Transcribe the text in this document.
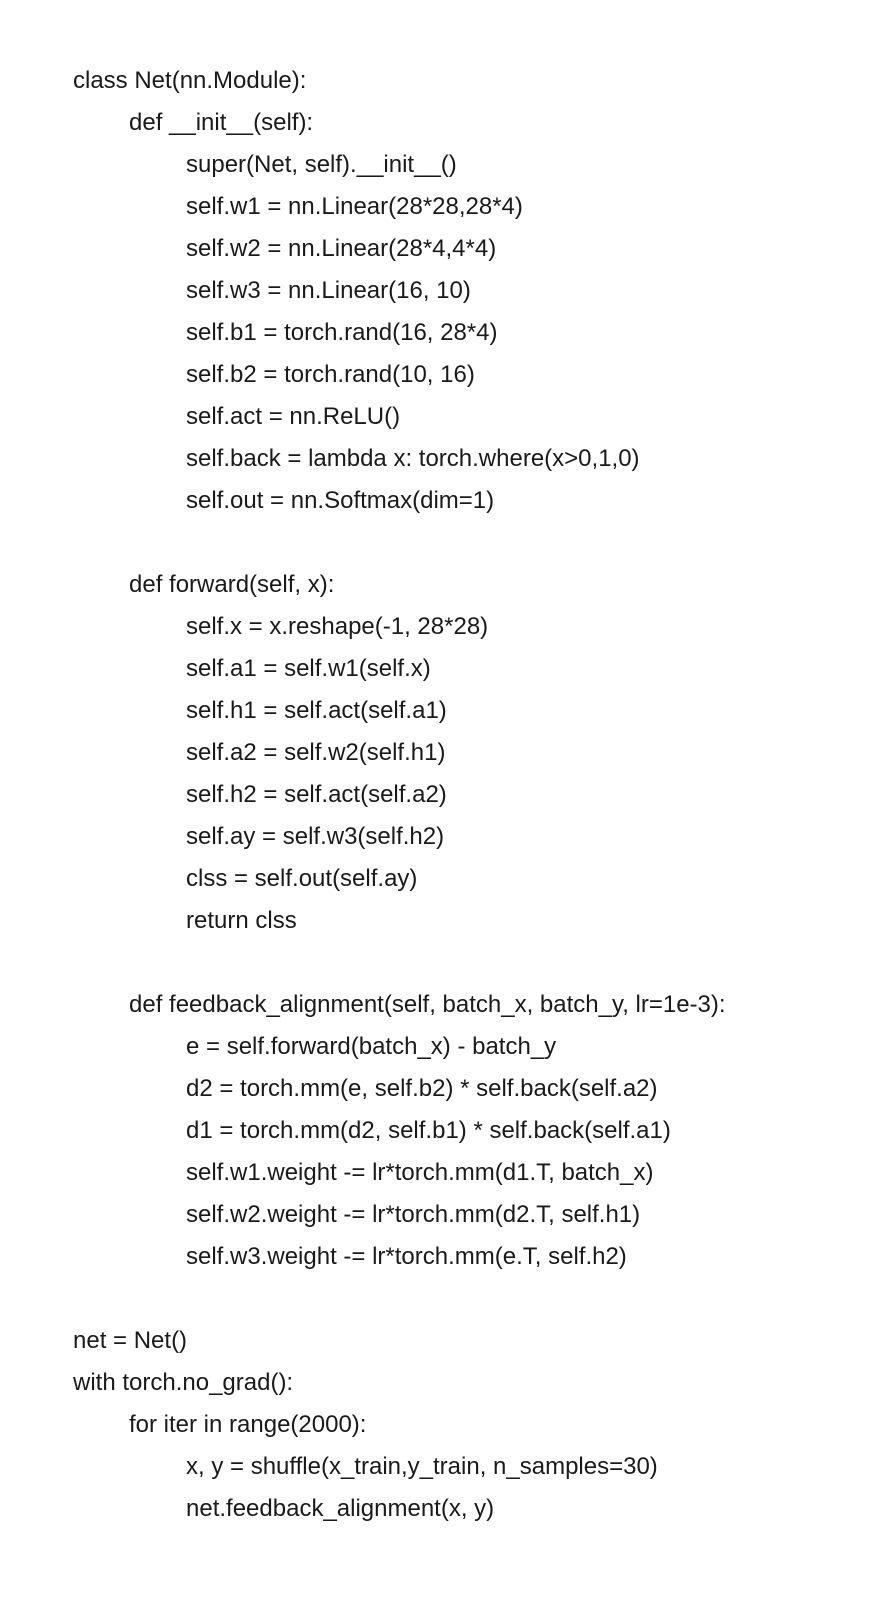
class Net(nn.Module):
def __init__(self):
super(Net, self).__init__()
self.w1 = nn.Linear(28*28,28*4)
self.w2 = nn.Linear(28*4,4*4)
self.w3 = nn.Linear(16, 10)
self.b1 = torch.rand(16, 28*4)
self.b2 = torch.rand(10, 16)
self.act = nn.ReLU()
self.back = lambda x: torch.where(x>0,1,0)
self.out = nn.Softmax(dim=1)
def forward(self, x):
self.x = x.reshape(-1, 28*28)
self.a1 = self.w1(self.x)
self.h1 = self.act(self.a1)
self.a2 = self.w2(self.h1)
self.h2 = self.act(self.a2)
self.ay = self.w3(self.h2)
clss = self.out(self.ay)
return clss
def feedback_alignment(self, batch_x, batch_y, lr=1e-3):
e = self.forward(batch_x) - batch_y
d2 = torch.mm(e, self.b2) * self.back(self.a2)
d1 = torch.mm(d2, self.b1) * self.back(self.a1)
self.w1.weight -= lr*torch.mm(d1.T, batch_x)
self.w2.weight -= lr*torch.mm(d2.T, self.h1)
self.w3.weight -= lr*torch.mm(e.T, self.h2)
net = Net()
with torch.no_grad():
for iter in range(2000):
x, y = shuffle(x_train,y_train, n_samples=30)
net.feedback_alignment(x, y)
